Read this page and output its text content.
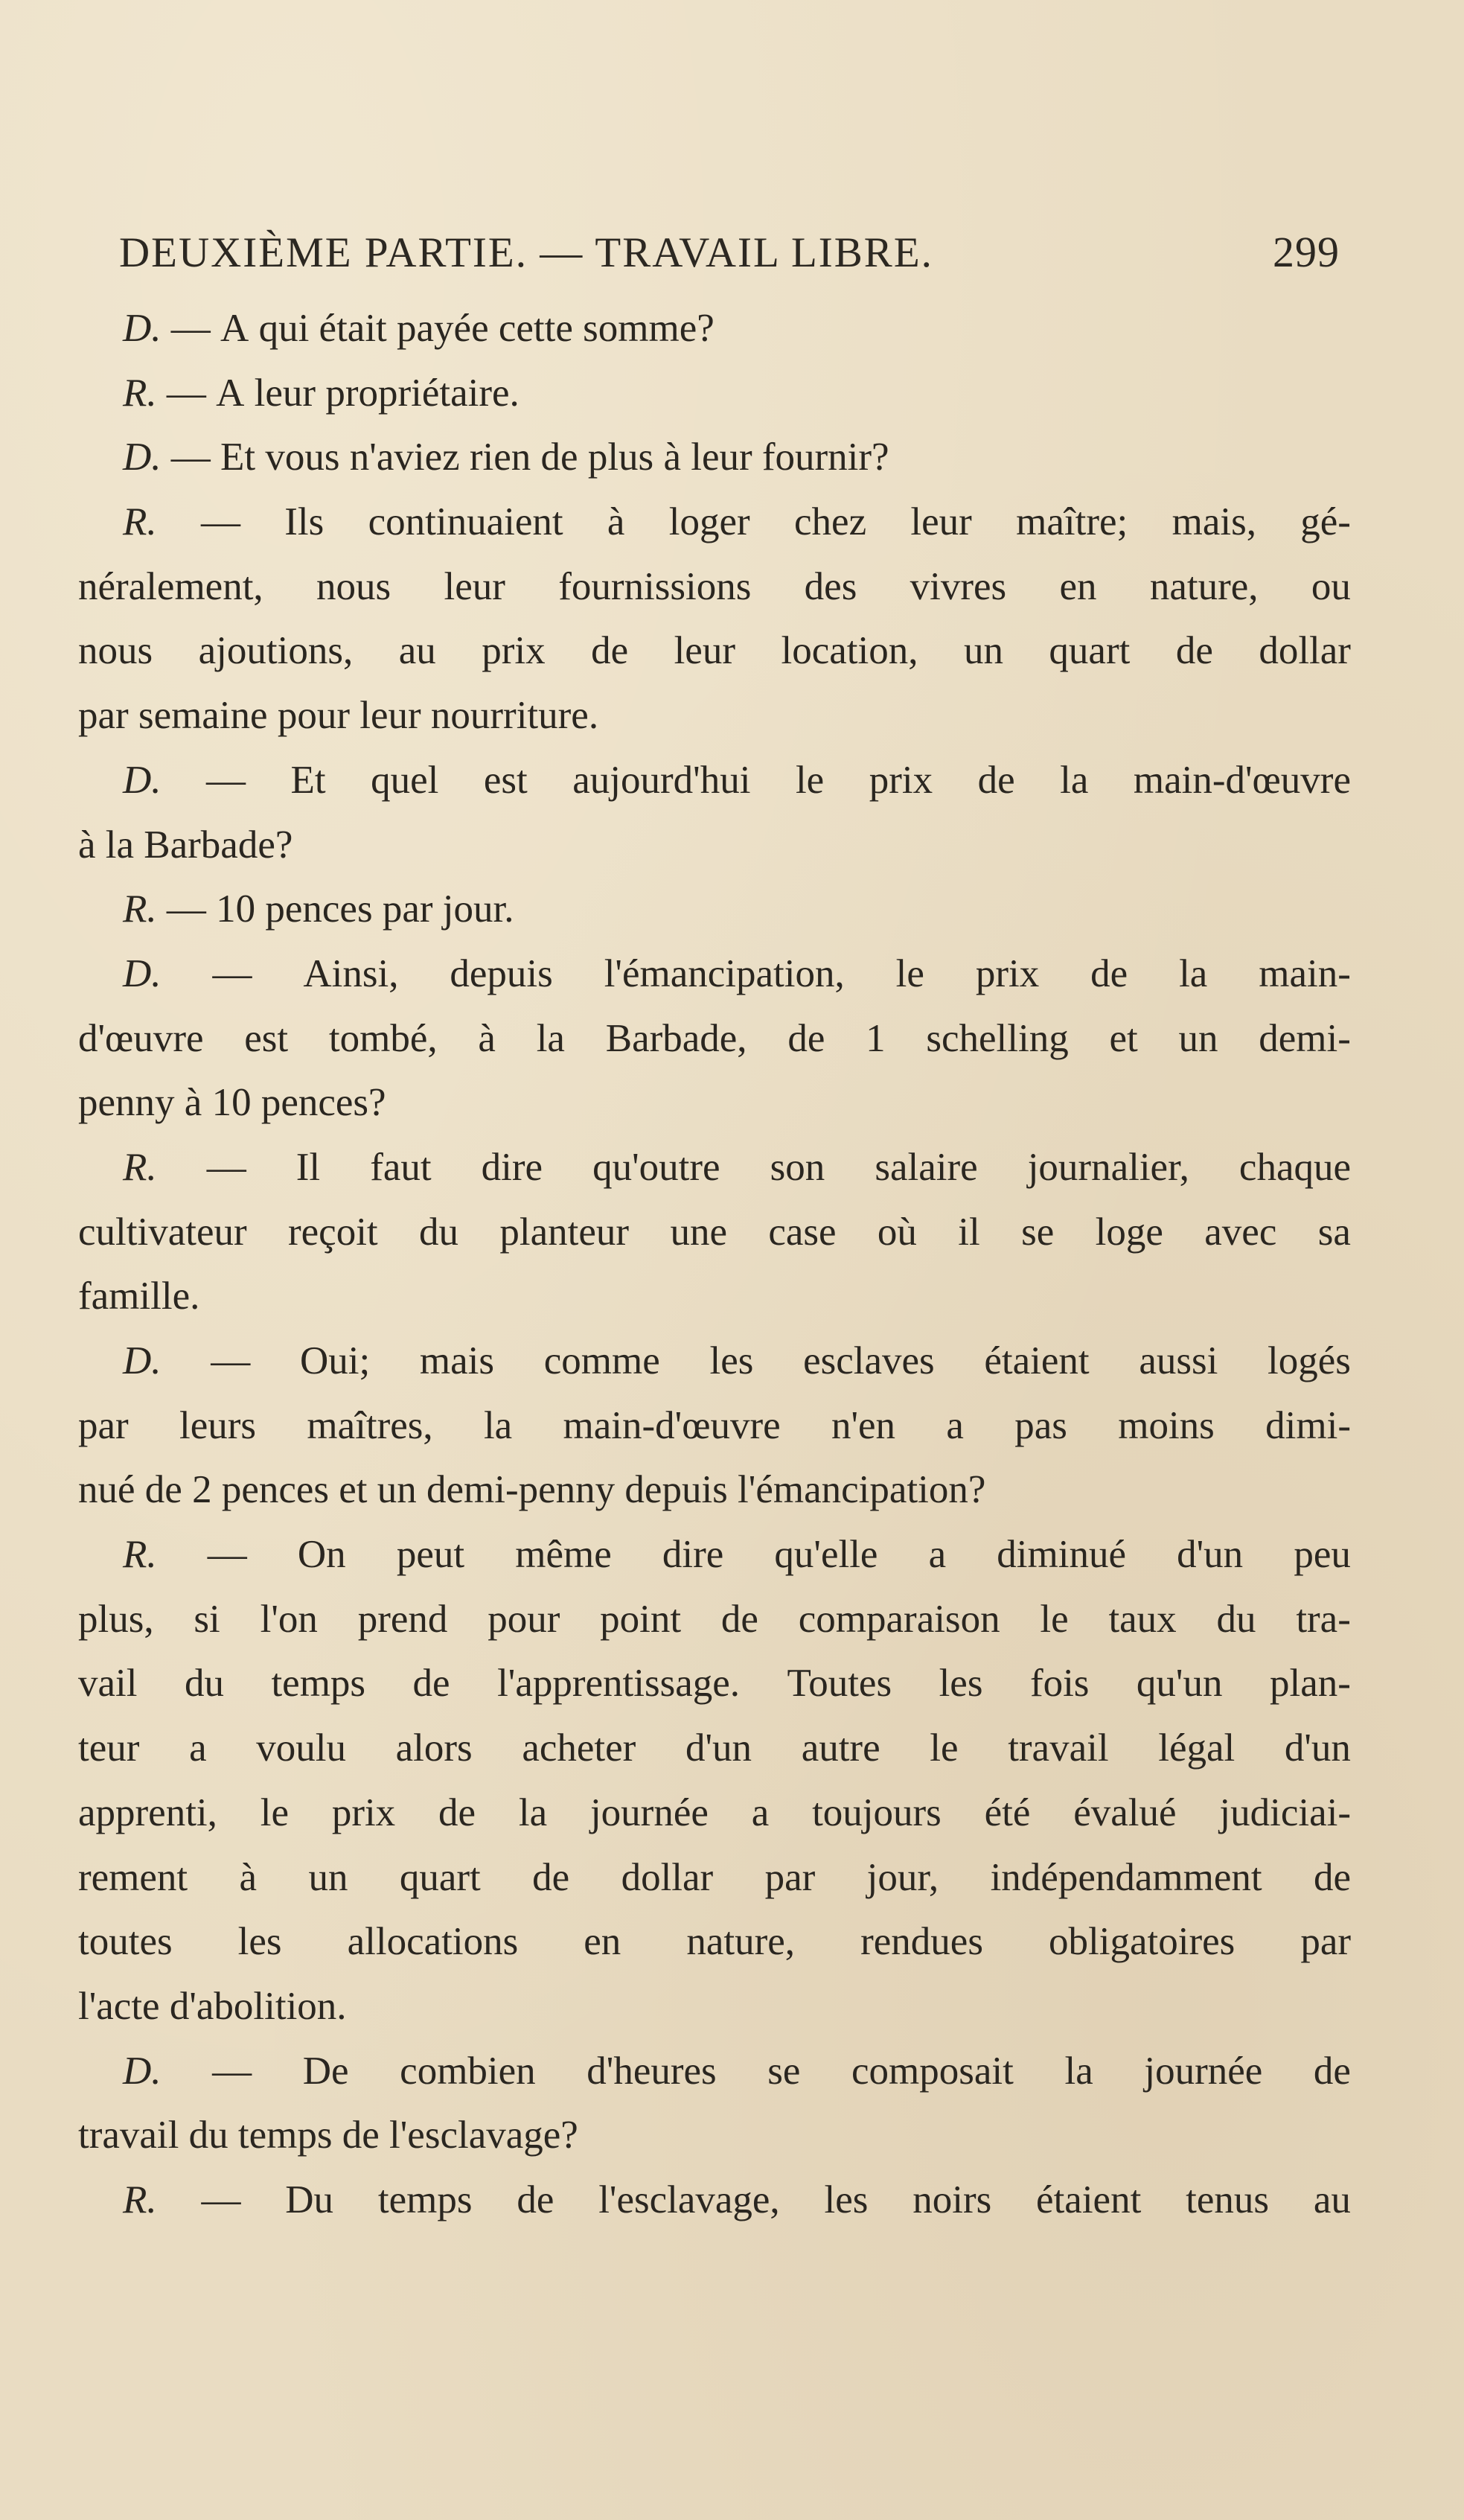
DEUXIÈME PARTIE. — TRAVAIL LIBRE.	299
D.
—
A
qui
était
payée
cette
somme?
R.
—
A
leur
propriétaire.
D.
—
Et
vous
n'aviez
rien
de
plus
à
leur
fournir?
R. — Ils continuaient à loger chez leur maître; mais, gé-
néralement, nous leur fournissions des vivres en nature, ou
nous ajoutions, au prix de leur location, un quart de dollar
par
semaine
pour
leur
nourriture.
D. — Et quel est aujourd'hui le prix de la main-d'œuvre
à
la
Barbade?
R.
—
10
pences
par
jour.
D. — Ainsi, depuis l'émancipation, le prix de la main-
d'œuvre est tombé, à la Barbade, de 1 schelling et un demi-
penny
à
10
pences?
R. — Il faut dire qu'outre son salaire journalier, chaque
cultivateur reçoit du planteur une case où il se loge avec sa
famille.
D. — Oui; mais comme les esclaves étaient aussi logés
par leurs maîtres, la main-d'œuvre n'en a pas moins dimi-
nué
de
2
pences
et
un
demi-penny
depuis
l'émancipation?
R. — On peut même dire qu'elle a diminué d'un peu
plus, si l'on prend pour point de comparaison le taux du tra-
vail du temps de l'apprentissage. Toutes les fois qu'un plan-
teur a voulu alors acheter d'un autre le travail légal d'un
apprenti, le prix de la journée a toujours été évalué judiciai-
rement à un quart de dollar par jour, indépendamment de
toutes les allocations en nature, rendues obligatoires par
l'acte
d'abolition.
D. — De combien d'heures se composait la journée de
travail
du
temps
de
l'esclavage?
R. — Du temps de l'esclavage, les noirs étaient tenus au
